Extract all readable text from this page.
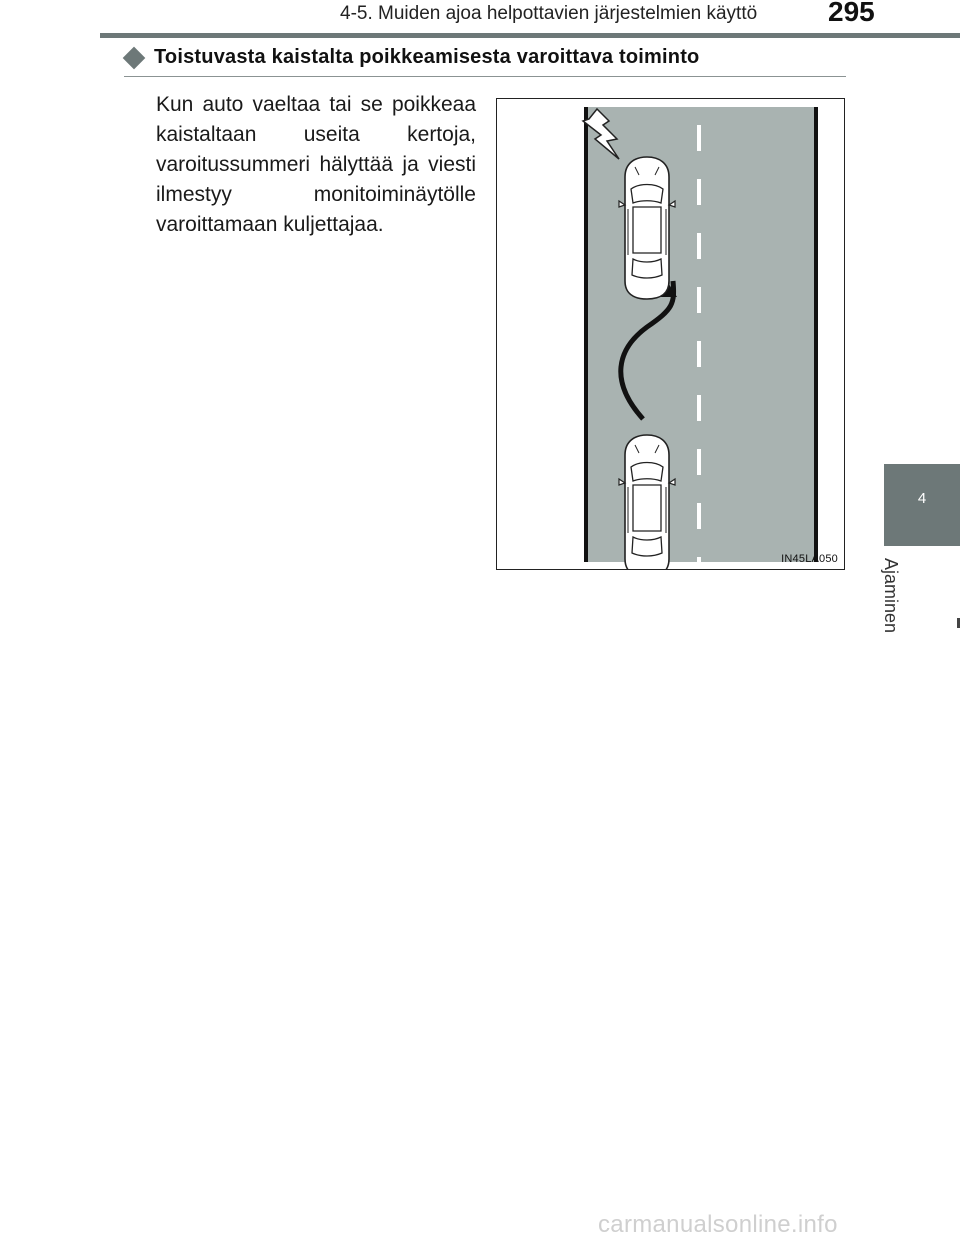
4-5. Muiden ajoa helpottavien järjestelmien käyttö	295
4
Ajaminen
Toistuvasta kaistalta poikkeamisesta varoittava toiminto
Kun auto vaeltaa tai se poikkeaa kaistaltaan useita kertoja, varoitussummeri hälyttää ja viesti ilmestyy monitoiminäytölle varoittamaan kuljettajaa.
IN45LA050
carmanualsonline.info
